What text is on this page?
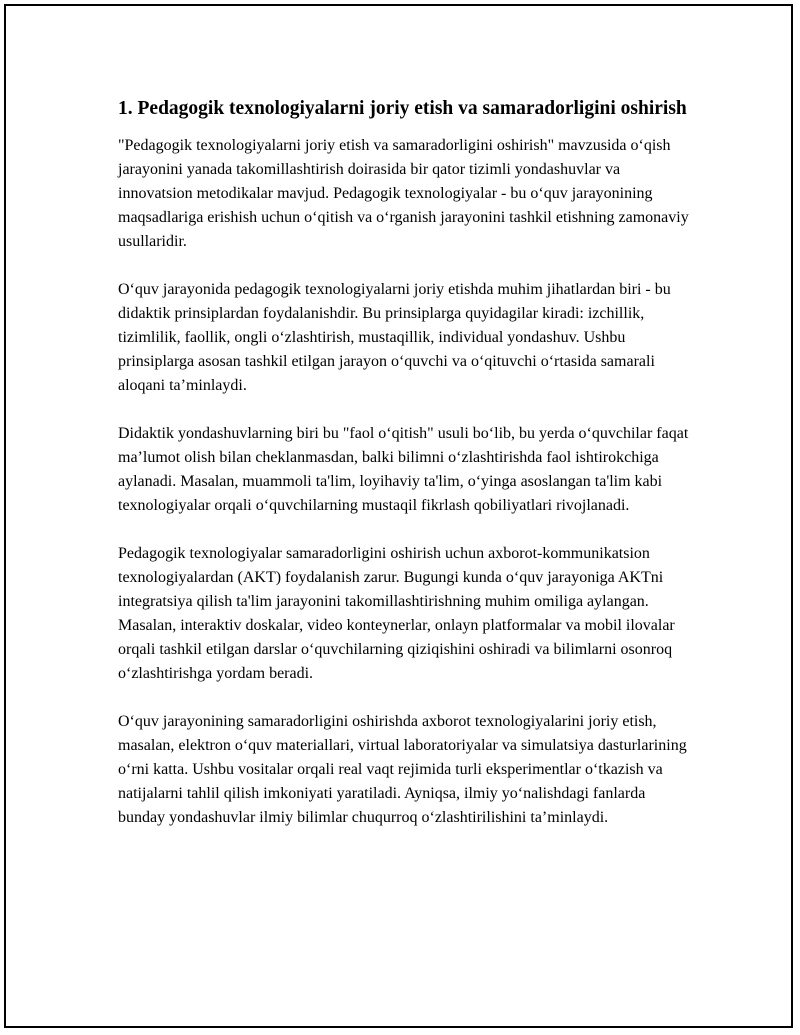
1. Pedagogik texnologiyalarni joriy etish va samaradorligini oshirish

"Pedagogik texnologiyalarni joriy etish va samaradorligini oshirish" mavzusida oʻqish jarayonini yanada takomillashtirish doirasida bir qator tizimli yondashuvlar va innovatsion metodikalar mavjud. Pedagogik texnologiyalar - bu oʻquv jarayonining maqsadlariga erishish uchun oʻqitish va oʻrganish jarayonini tashkil etishning zamonaviy usullaridir.

Oʻquv jarayonida pedagogik texnologiyalarni joriy etishda muhim jihatlardan biri - bu didaktik prinsiplardan foydalanishdir. Bu prinsiplarga quyidagilar kiradi: izchillik, tizimlilik, faollik, ongli oʻzlashtirish, mustaqillik, individual yondashuv. Ushbu prinsiplarga asosan tashkil etilgan jarayon oʻquvchi va oʻqituvchi oʻrtasida samarali aloqani taʼminlaydi.

Didaktik yondashuvlarning biri bu "faol oʻqitish" usuli boʻlib, bu yerda oʻquvchilar faqat maʼlumot olish bilan cheklanmasdan, balki bilimni oʻzlashtirishda faol ishtirokchiga aylanadi. Masalan, muammoli ta'lim, loyihaviy ta'lim, oʻyinga asoslangan ta'lim kabi texnologiyalar orqali oʻquvchilarning mustaqil fikrlash qobiliyatlari rivojlanadi.

Pedagogik texnologiyalar samaradorligini oshirish uchun axborot-kommunikatsion texnologiyalardan (AKT) foydalanish zarur. Bugungi kunda oʻquv jarayoniga AKTni integratsiya qilish ta'lim jarayonini takomillashtirishning muhim omiliga aylangan. Masalan, interaktiv doskalar, video konteynerlar, onlayn platformalar va mobil ilovalar orqali tashkil etilgan darslar oʻquvchilarning qiziqishini oshiradi va bilimlarni osonroq oʻzlashtirishga yordam beradi.

Oʻquv jarayonining samaradorligini oshirishda axborot texnologiyalarini joriy etish, masalan, elektron oʻquv materiallari, virtual laboratoriyalar va simulatsiya dasturlarining oʻrni katta. Ushbu vositalar orqali real vaqt rejimida turli eksperimentlar oʻtkazish va natijalarni tahlil qilish imkoniyati yaratiladi. Ayniqsa, ilmiy yoʻnalishdagi fanlarda bunday yondashuvlar ilmiy bilimlar chuqurroq oʻzlashtirilishini taʼminlaydi.
